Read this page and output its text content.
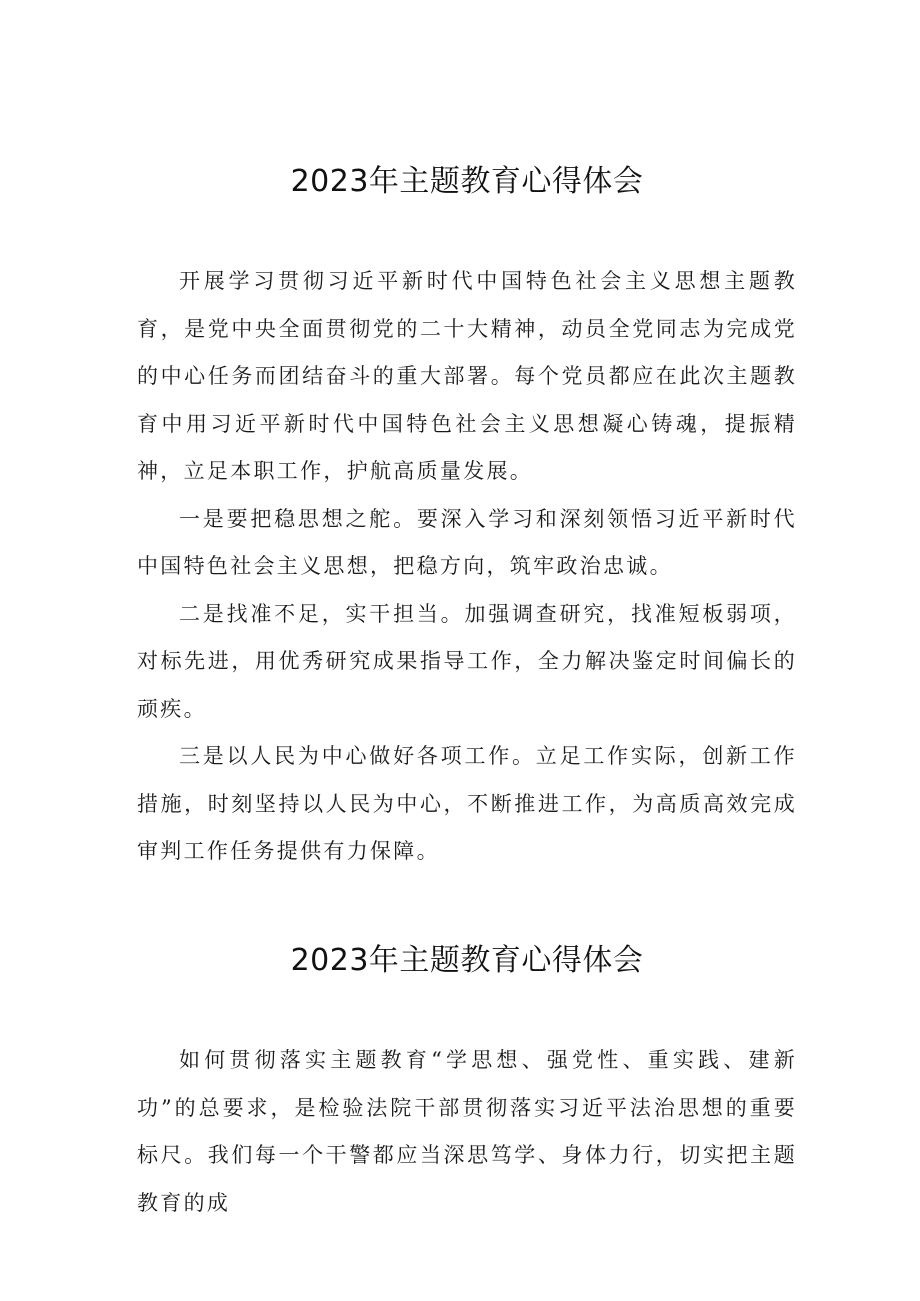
2023年主题教育心得体会

开展学习贯彻习近平新时代中国特色社会主义思想主题教育，是党中央全面贯彻党的二十大精神，动员全党同志为完成党的中心任务而团结奋斗的重大部署。每个党员都应在此次主题教育中用习近平新时代中国特色社会主义思想凝心铸魂，提振精神，立足本职工作，护航高质量发展。

一是要把稳思想之舵。要深入学习和深刻领悟习近平新时代中国特色社会主义思想，把稳方向，筑牢政治忠诚。

二是找准不足，实干担当。加强调查研究，找准短板弱项，对标先进，用优秀研究成果指导工作，全力解决鉴定时间偏长的顽疾。

三是以人民为中心做好各项工作。立足工作实际，创新工作措施，时刻坚持以人民为中心，不断推进工作，为高质高效完成审判工作任务提供有力保障。

2023年主题教育心得体会

如何贯彻落实主题教育“学思想、强党性、重实践、建新功”的总要求，是检验法院干部贯彻落实习近平法治思想的重要标尺。我们每一个干警都应当深思笃学、身体力行，切实把主题教育的成
